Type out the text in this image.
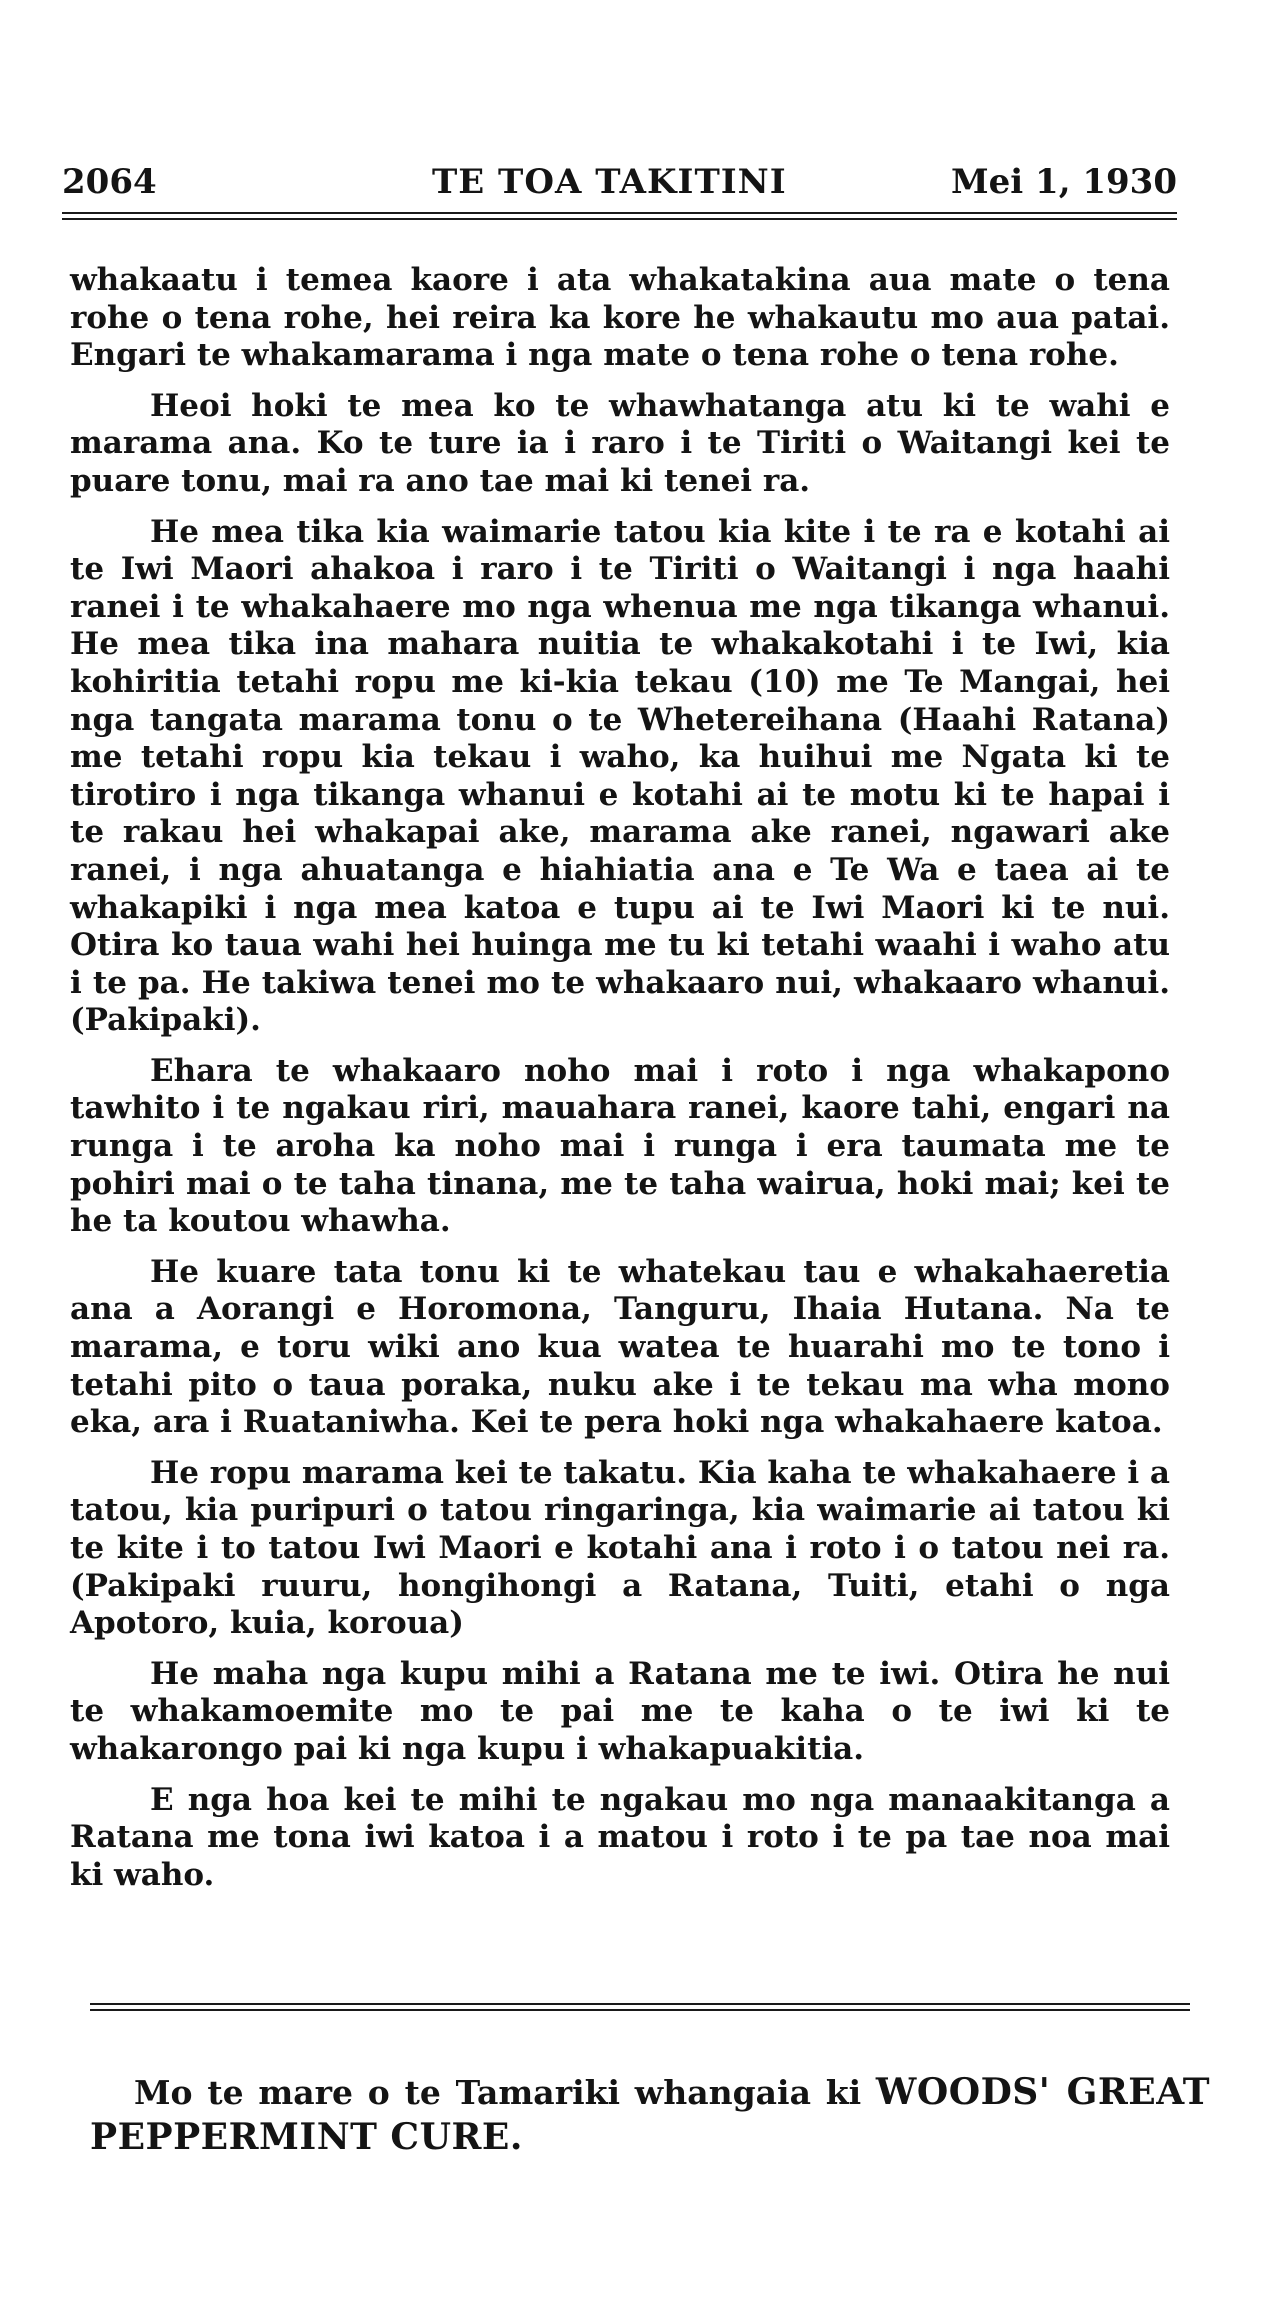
2064	TE TOA TAKITINI	Mei 1, 1930

whakaatu i temea kaore i ata whakatakina aua mate o tena rohe o tena rohe, hei reira ka kore he whakautu mo aua patai. Engari te whakamarama i nga mate o tena rohe o tena rohe.

Heoi hoki te mea ko te whawhatanga atu ki te wahi e marama ana. Ko te ture ia i raro i te Tiriti o Waitangi kei te puare tonu, mai ra ano tae mai ki tenei ra.

He mea tika kia waimarie tatou kia kite i te ra e kotahi ai te Iwi Maori ahakoa i raro i te Tiriti o Waitangi i nga haahi ranei i te whakahaere mo nga whenua me nga tikanga whanui. He mea tika ina mahara nuitia te whakakotahi i te Iwi, kia kohiritia tetahi ropu me ki-kia tekau (10) me Te Mangai, hei nga tangata marama tonu o te Whetereihana (Haahi Ratana) me tetahi ropu kia tekau i waho, ka huihui me Ngata ki te tirotiro i nga tikanga whanui e kotahi ai te motu ki te hapai i te rakau hei whakapai ake, marama ake ranei, ngawari ake ranei, i nga ahuatanga e hiahiatia ana e Te Wa e taea ai te whakapiki i nga mea katoa e tupu ai te Iwi Maori ki te nui. Otira ko taua wahi hei huinga me tu ki tetahi waahi i waho atu i te pa. He takiwa tenei mo te whakaaro nui, whakaaro whanui. (Pakipaki).

Ehara te whakaaro noho mai i roto i nga whakapono tawhito i te ngakau riri, mauahara ranei, kaore tahi, engari na runga i te aroha ka noho mai i runga i era taumata me te pohiri mai o te taha tinana, me te taha wairua, hoki mai; kei te he ta koutou whawha.

He kuare tata tonu ki te whatekau tau e whakahaeretia ana a Aorangi e Horomona, Tanguru, Ihaia Hutana. Na te marama, e toru wiki ano kua watea te huarahi mo te tono i tetahi pito o taua poraka, nuku ake i te tekau ma wha mono eka, ara i Ruataniwha. Kei te pera hoki nga whakahaere katoa.

He ropu marama kei te takatu. Kia kaha te whakahaere i a tatou, kia puripuri o tatou ringaringa, kia waimarie ai tatou ki te kite i to tatou Iwi Maori e kotahi ana i roto i o tatou nei ra. (Pakipaki ruuru, hongihongi a Ratana, Tuiti, etahi o nga Apotoro, kuia, koroua)

He maha nga kupu mihi a Ratana me te iwi. Otira he nui te whakamoemite mo te pai me te kaha o te iwi ki te whakarongo pai ki nga kupu i whakapuakitia.

E nga hoa kei te mihi te ngakau mo nga manaakitanga a Ratana me tona iwi katoa i a matou i roto i te pa tae noa mai ki waho.

Mo te mare o te Tamariki whangaia ki WOODS' GREAT PEPPERMINT CURE.
